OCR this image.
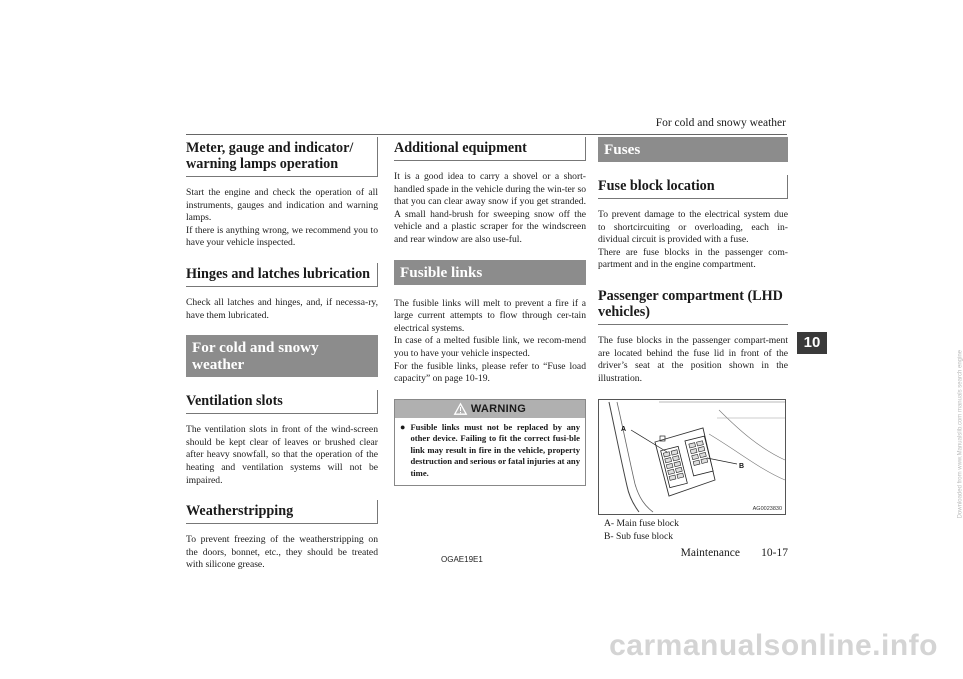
For cold and snowy weather
Meter, gauge and indicator/
warning lamps operation
Start the engine and check the operation of all instruments, gauges and indication and warning lamps.
If there is anything wrong, we recommend you to have your vehicle inspected.
Hinges and latches lubrication
Check all latches and hinges, and, if necessa-ry, have them lubricated.
For cold and snowy weather
Ventilation slots
The ventilation slots in front of the wind-screen should be kept clear of leaves or brushed clear after heavy snowfall, so that the operation of the heating and ventilation systems will not be impaired.
Weatherstripping
To prevent freezing of the weatherstripping on the doors, bonnet, etc., they should be treated with silicone grease.
Additional equipment
It is a good idea to carry a shovel or a short-handled spade in the vehicle during the win-ter so that you can clear away snow if you get stranded. A small hand-brush for sweeping snow off the vehicle and a plastic scraper for the windscreen and rear window are also use-ful.
Fusible links
The fusible links will melt to prevent a fire if a large current attempts to flow through cer-tain electrical systems.
In case of a melted fusible link, we recom-mend you to have your vehicle inspected.
For the fusible links, please refer to “Fuse load capacity” on page 10-19.
WARNING
● Fusible links must not be replaced by any other device. Failing to fit the correct fusi-ble link may result in fire in the vehicle, property destruction and serious or fatal injuries at any time.
Fuses
Fuse block location
To prevent damage to the electrical system due to shortcircuiting or overloading, each in-dividual circuit is provided with a fuse.
There are fuse blocks in the passenger com-partment and in the engine compartment.
Passenger compartment (LHD
vehicles)
The fuse blocks in the passenger compart-ment are located behind the fuse lid in front of the driver’s seat at the position shown in the illustration.
A
B
AG0023830
A- Main fuse block
B- Sub fuse block
10
OGAE19E1
Maintenance 10-17
Downloaded from www.Manualslib.com manuals search engine
carmanualsonline.info
